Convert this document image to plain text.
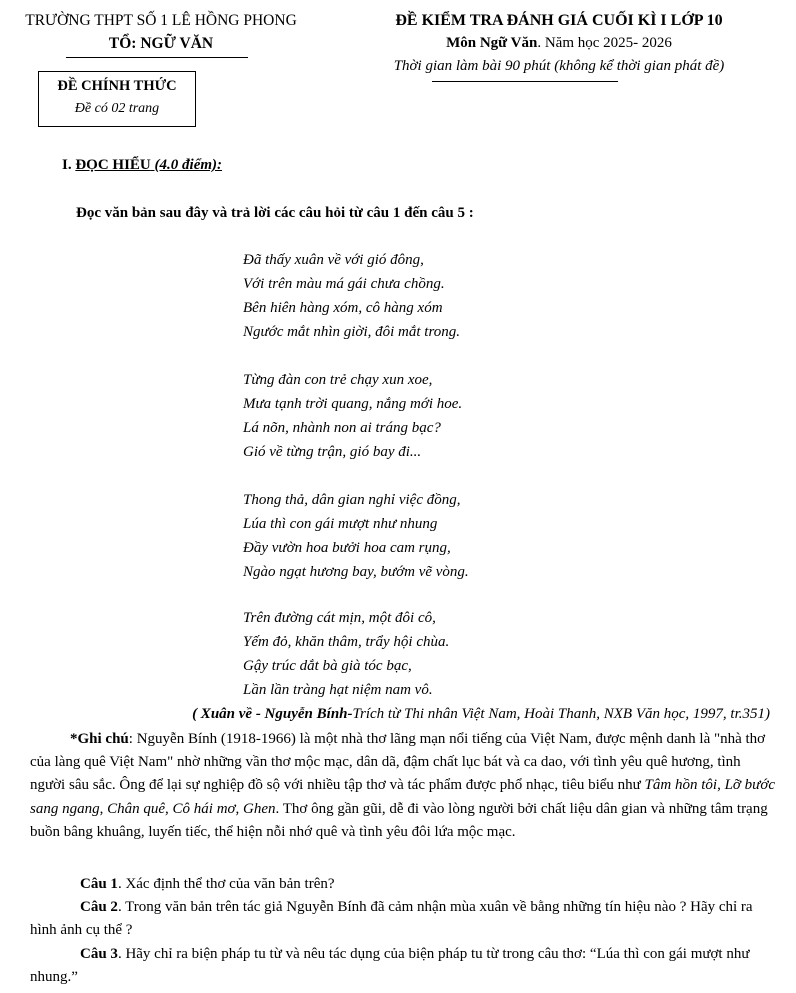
TRƯỜNG THPT SỐ 1 LÊ HỒNG PHONG
TỔ: NGỮ VĂN
ĐỀ KIỂM TRA ĐÁNH GIÁ CUỐI KÌ I LỚP 10
Môn Ngữ Văn. Năm học 2025- 2026
Thời gian làm bài 90 phút (không kể thời gian phát đề)
ĐỀ CHÍNH THỨC
Đề có 02 trang
I. ĐỌC HIỂU (4.0 điểm):
Đọc văn bản sau đây và trả lời các câu hỏi từ câu 1 đến câu 5 :
Đã thấy xuân về với gió đông,
Với trên màu má gái chưa chồng.
Bên hiên hàng xóm, cô hàng xóm
Ngước mắt nhìn giời, đôi mắt trong.
Từng đàn con trẻ chạy xun xoe,
Mưa tạnh trời quang, nắng mới hoe.
Lá nõn, nhành non ai tráng bạc?
Gió về từng trận, gió bay đi...
Thong thả, dân gian nghỉ việc đồng,
Lúa thì con gái mượt như nhung
Đầy vườn hoa bưởi hoa cam rụng,
Ngào ngạt hương bay, bướm vẽ vòng.
Trên đường cát mịn, một đôi cô,
Yếm đỏ, khăn thâm, trẩy hội chùa.
Gậy trúc dắt bà già tóc bạc,
Lần lần tràng hạt niệm nam vô.
( Xuân về - Nguyễn Bính-Trích từ Thi nhân Việt Nam, Hoài Thanh, NXB Văn học, 1997, tr.351)
*Ghi chú: Nguyễn Bính (1918-1966) là một nhà thơ lãng mạn nổi tiếng của Việt Nam, được mệnh danh là "nhà thơ của làng quê Việt Nam" nhờ những vần thơ mộc mạc, dân dã, đậm chất lục bát và ca dao, với tình yêu quê hương, tình người sâu sắc. Ông để lại sự nghiệp đồ sộ với nhiều tập thơ và tác phẩm được phổ nhạc, tiêu biểu như Tâm hồn tôi, Lỡ bước sang ngang, Chân quê, Cô hái mơ, Ghen. Thơ ông gần gũi, dễ đi vào lòng người bởi chất liệu dân gian và những tâm trạng buồn bâng khuâng, luyến tiếc, thể hiện nỗi nhớ quê và tình yêu đôi lứa mộc mạc.
Câu 1. Xác định thể thơ của văn bản trên?
Câu 2. Trong văn bản trên tác giả Nguyễn Bính đã cảm nhận mùa xuân về bằng những tín hiệu nào ? Hãy chỉ ra hình ảnh cụ thể ?
Câu 3. Hãy chỉ ra biện pháp tu từ và nêu tác dụng của biện pháp tu từ trong câu thơ: “Lúa thì con gái mượt như nhung.”
